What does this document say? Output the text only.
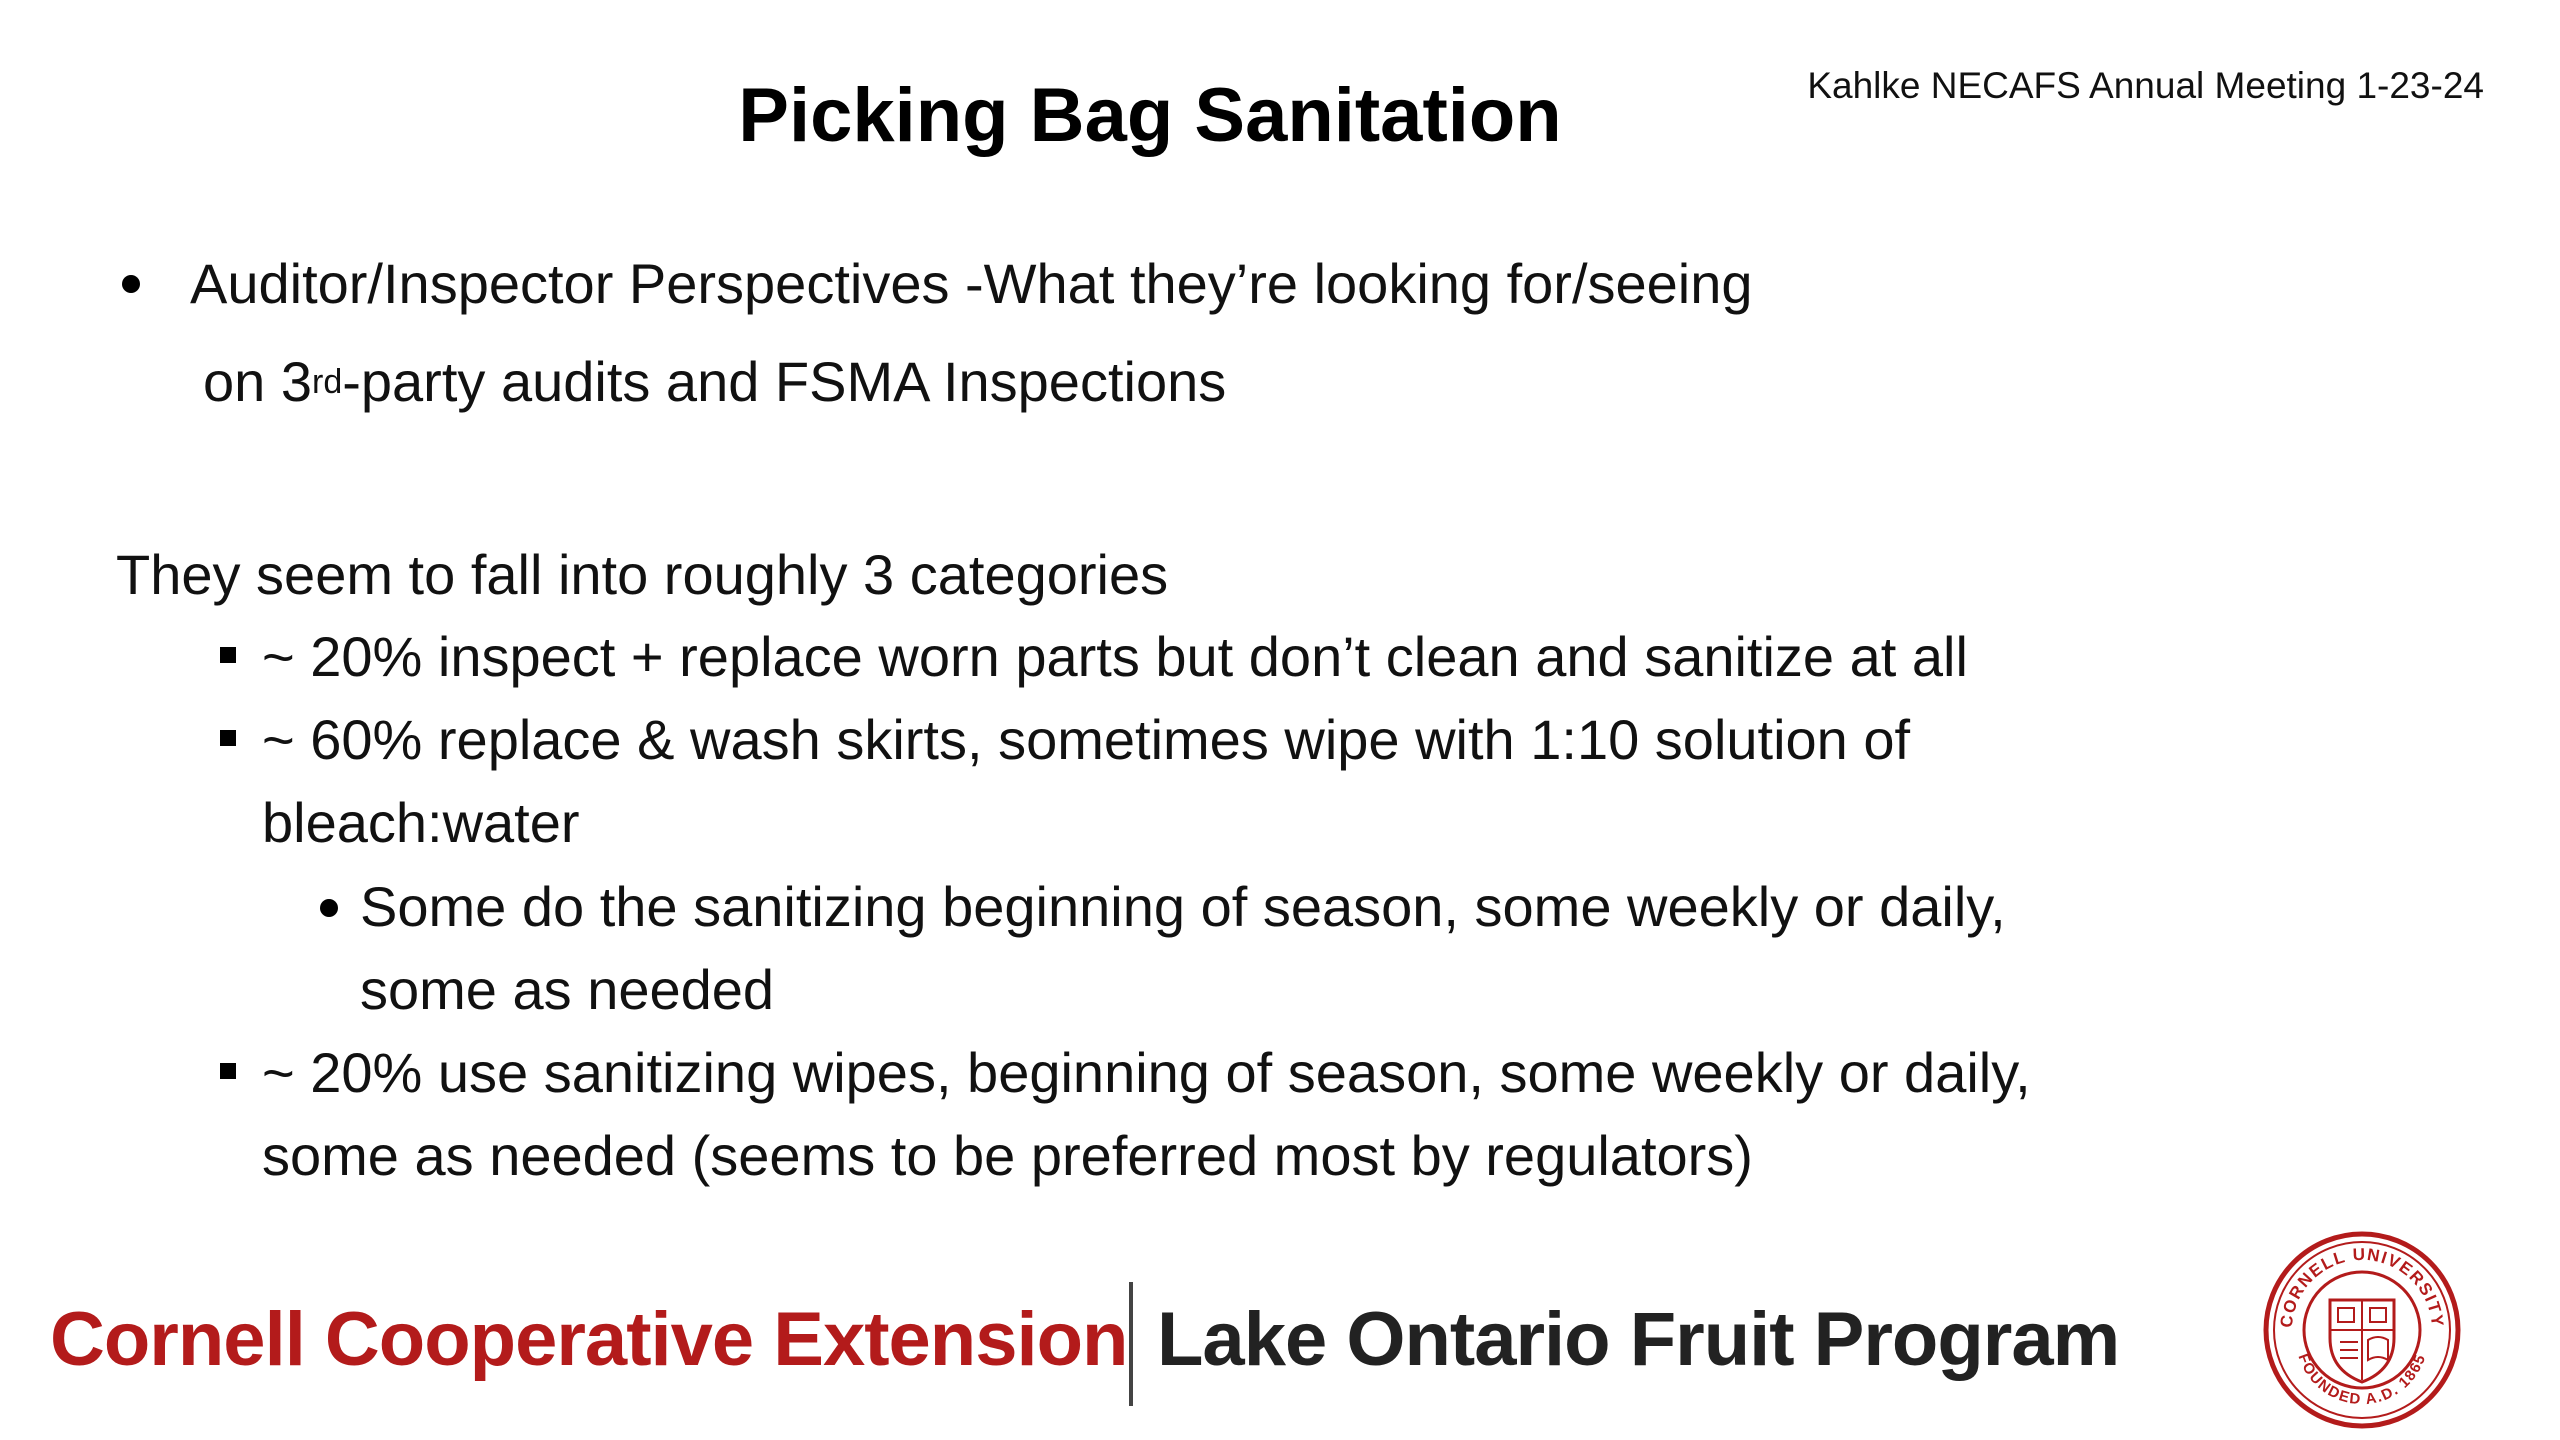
Picking Bag Sanitation	Kahlke NECAFS Annual Meeting 1-23-24
Auditor/Inspector Perspectives -What they’re looking for/seeing
on 3rd-party audits and FSMA Inspections
They seem to fall into roughly 3 categories
~ 20% inspect + replace worn parts but don’t clean and sanitize at all
~ 60% replace & wash skirts, sometimes wipe with 1:10 solution of
bleach:water
Some do the sanitizing beginning of season, some weekly or daily,
some as needed
~ 20% use sanitizing wipes, beginning of season, some weekly or daily,
some as needed (seems to be preferred most by regulators)
Cornell Cooperative Extension Lake Ontario Fruit Program	CORNELL UNIVERSITY
FOUNDED A.D. 1865
